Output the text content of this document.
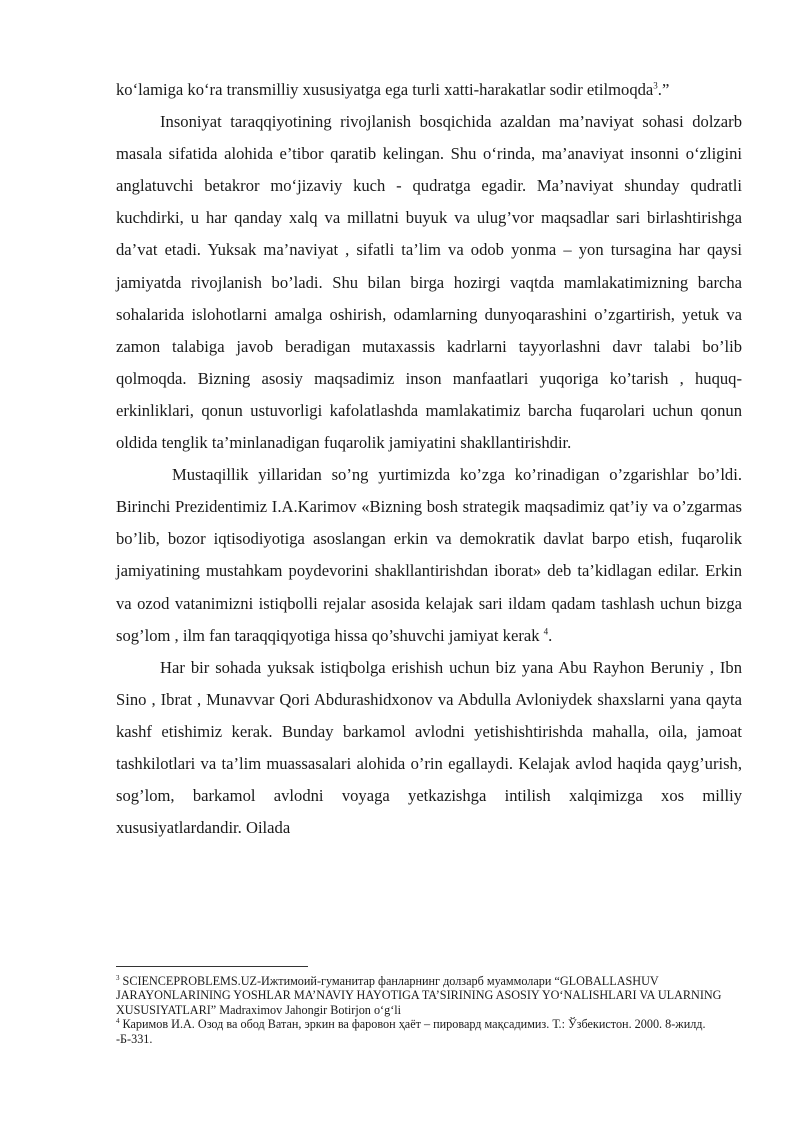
ko‘lamiga ko‘ra transmilliy xususiyatga ega turli xatti-harakatlar sodir etilmoqda$^3$.”

Insoniyat taraqqiyotining rivojlanish bosqichida azaldan ma’naviyat sohasi dolzarb masala sifatida alohida e’tibor qaratib kelingan. Shu o‘rinda, ma’anaviyat insonni o‘zligini anglatuvchi betakror mo‘jizaviy kuch - qudratga egadir. Ma’naviyat shunday qudratli kuchdirki, u har qanday xalq va millatni buyuk va ulug’vor maqsadlar sari birlashtirishga da’vat etadi. Yuksak ma’naviyat , sifatli ta’lim va odob yonma – yon tursagina har qaysi jamiyatda rivojlanish bo’ladi. Shu bilan birga hozirgi vaqtda mamlakatimizning barcha sohalarida islohotlarni amalga oshirish, odamlarning dunyoqarashini o’zgartirish, yetuk va zamon talabiga javob beradigan mutaxassis kadrlarni tayyorlashni davr talabi bo’lib qolmoqda. Bizning asosiy maqsadimiz inson manfaatlari yuqoriga ko’tarish , huquq-erkinliklari, qonun ustuvorligi kafolatlashda mamlakatimiz barcha fuqarolari uchun qonun oldida tenglik ta’minlanadigan fuqarolik jamiyatini shakllantirishdir.

Mustaqillik yillaridan so’ng yurtimizda ko’zga ko’rinadigan o’zgarishlar bo’ldi. Birinchi Prezidentimiz I.A.Karimov «Bizning bosh strategik maqsadimiz qat’iy va o’zgarmas bo’lib, bozor iqtisodiyotiga asoslangan erkin va demokratik davlat barpo etish, fuqarolik jamiyatining mustahkam poydevorini shakllantirishdan iborat» deb ta’kidlagan edilar. Erkin va ozod vatanimizni istiqbolli rejalar asosida kelajak sari ildam qadam tashlash uchun bizga sog’lom , ilm fan taraqqiqyotiga hissa qo’shuvchi jamiyat kerak $^4$.

Har bir sohada yuksak istiqbolga erishish uchun biz yana Abu Rayhon Beruniy , Ibn Sino , Ibrat , Munavvar Qori Abdurashidxonov va Abdulla Avloniydek shaxslarni yana qayta kashf etishimiz kerak. Bunday barkamol avlodni yetishishtirishda mahalla, oila, jamoat tashkilotlari va ta’lim muassasalari alohida o’rin egallaydi. Kelajak avlod haqida qayg’urish, sog’lom, barkamol avlodni voyaga yetkazishga intilish xalqimizga xos milliy xususiyatlardandir. Oilada

$^3$ SCIENCEPROBLEMS.UZ-Ижтимоий-гуманитар фанларнинг долзарб муаммолари “GLOBALLASHUV JARAYONLARINING YOSHLAR MA’NAVIY HAYOTIGA TA’SIRINING ASOSIY YO‘NALISHLARI VA ULARNING XUSUSIYATLARI” Madraximov Jahongir Botirjon o‘g‘li

$^4$ Каримов И.А. Озод ва обод Ватан, эркин ва фаровон ҳаёт – пировард мақсадимиз. Т.: Ўзбекистон. 2000. 8-жилд. -Б-331.
